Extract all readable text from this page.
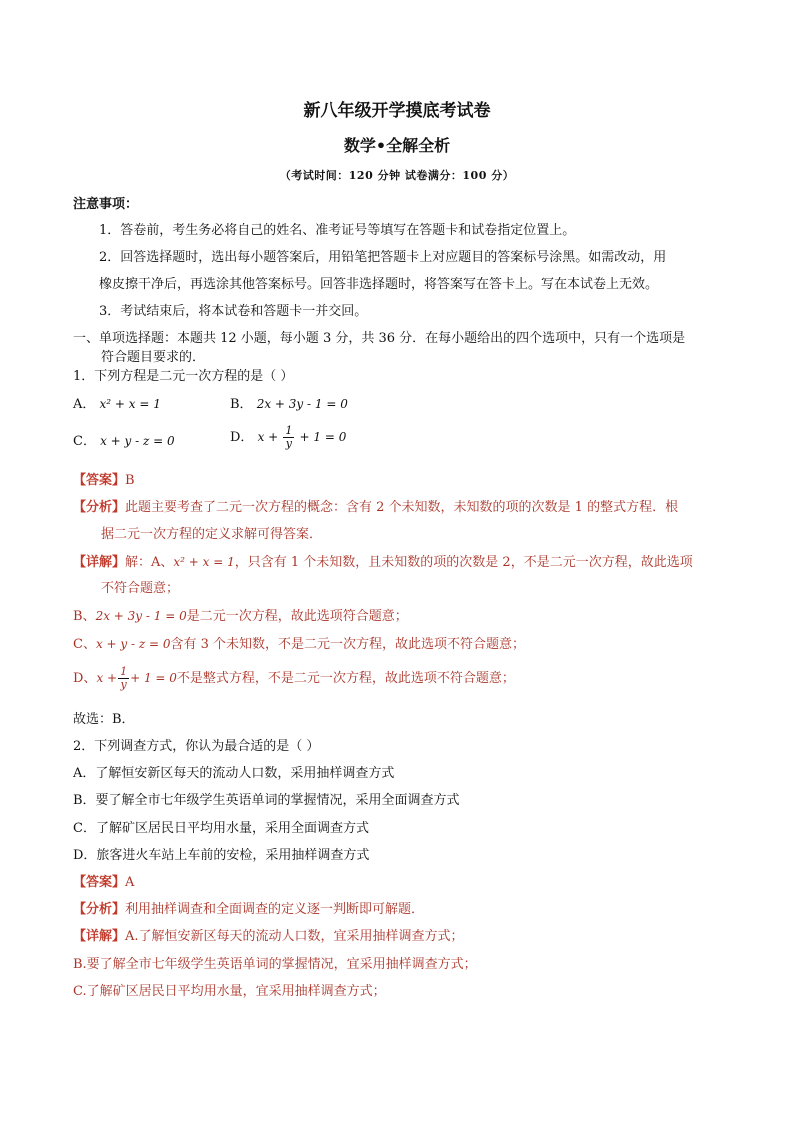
新八年级开学摸底考试卷
数学•全解全析
（考试时间：120 分钟 试卷满分：100 分）
注意事项：
1．答卷前，考生务必将自己的姓名、准考证号等填写在答题卡和试卷指定位置上。
2．回答选择题时，选出每小题答案后，用铅笔把答题卡上对应题目的答案标号涂黑。如需改动，用
橡皮擦干净后，再选涂其他答案标号。回答非选择题时，将答案写在答卡上。写在本试卷上无效。
3．考试结束后，将本试卷和答题卡一并交回。
一、单项选择题：本题共 12 小题，每小题 3 分，共 36 分．在每小题给出的四个选项中，只有一个选项是
符合题目要求的．
1．下列方程是二元一次方程的是（ ）
A． x² + x = 1	B． 2x + 3y - 1 = 0
C． x + y - z = 0	D． $x + \frac{1}{y} + 1 = 0$
【答案】B
【分析】此题主要考查了二元一次方程的概念：含有 2 个未知数，未知数的项的次数是 1 的整式方程．根
据二元一次方程的定义求解可得答案．
【详解】解：A、x² + x = 1，只含有 1 个未知数，且未知数的项的次数是 2，不是二元一次方程，故此选项
不符合题意；
B、2x + 3y - 1 = 0是二元一次方程，故此选项符合题意；
C、x + y - z = 0含有 3 个未知数，不是二元一次方程，故此选项不符合题意；
D、$x + \frac{1}{y} + 1 = 0$不是整式方程，不是二元一次方程，故此选项不符合题意；
故选：B．
2．下列调查方式，你认为最合适的是（ ）
A．了解恒安新区每天的流动人口数，采用抽样调查方式
B．要了解全市七年级学生英语单词的掌握情况，采用全面调查方式
C．了解矿区居民日平均用水量，采用全面调查方式
D．旅客进火车站上车前的安检，采用抽样调查方式
【答案】A
【分析】利用抽样调查和全面调查的定义逐一判断即可解题．
【详解】A.了解恒安新区每天的流动人口数，宜采用抽样调查方式；
B.要了解全市七年级学生英语单词的掌握情况，宜采用抽样调查方式；
C.了解矿区居民日平均用水量，宜采用抽样调查方式；
